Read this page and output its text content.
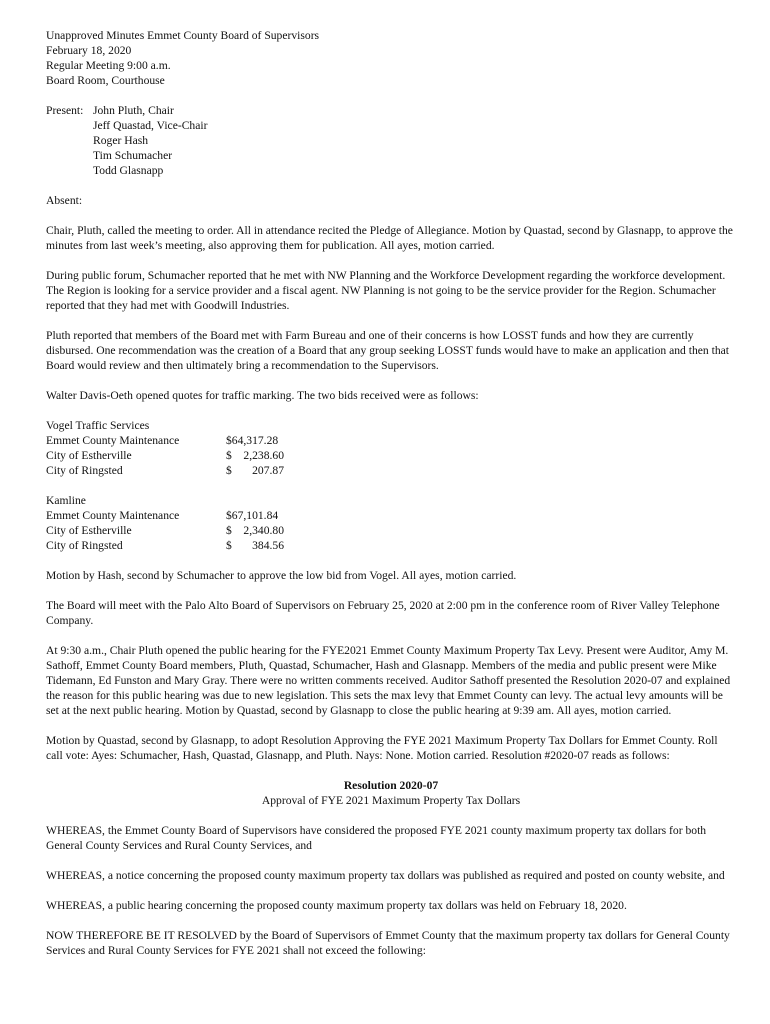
Unapproved Minutes Emmet County Board of Supervisors
February 18, 2020
Regular Meeting 9:00 a.m.
Board Room, Courthouse
Present: John Pluth, Chair
Jeff Quastad, Vice-Chair
Roger Hash
Tim Schumacher
Todd Glasnapp
Absent:

Chair, Pluth, called the meeting to order. All in attendance recited the Pledge of Allegiance. Motion by Quastad, second by Glasnapp, to approve the minutes from last week’s meeting, also approving them for publication. All ayes, motion carried.

During public forum, Schumacher reported that he met with NW Planning and the Workforce Development regarding the workforce development. The Region is looking for a service provider and a fiscal agent. NW Planning is not going to be the service provider for the Region. Schumacher reported that they had met with Goodwill Industries.

Pluth reported that members of the Board met with Farm Bureau and one of their concerns is how LOSST funds and how they are currently disbursed. One recommendation was the creation of a Board that any group seeking LOSST funds would have to make an application and then that Board would review and then ultimately bring a recommendation to the Supervisors.

Walter Davis-Oeth opened quotes for traffic marking. The two bids received were as follows:

Vogel Traffic Services
Emmet County Maintenance	$64,317.28
City of Estherville	$	2,238.60
City of Ringsted	$	207.87
Kamline
Emmet County Maintenance	$67,101.84
City of Estherville	$	2,340.80
City of Ringsted	$	384.56

Motion by Hash, second by Schumacher to approve the low bid from Vogel. All ayes, motion carried.

The Board will meet with the Palo Alto Board of Supervisors on February 25, 2020 at 2:00 pm in the conference room of River Valley Telephone Company.

At 9:30 a.m., Chair Pluth opened the public hearing for the FYE2021 Emmet County Maximum Property Tax Levy. Present were Auditor, Amy M. Sathoff, Emmet County Board members, Pluth, Quastad, Schumacher, Hash and Glasnapp. Members of the media and public present were Mike Tidemann, Ed Funston and Mary Gray. There were no written comments received. Auditor Sathoff presented the Resolution 2020-07 and explained the reason for this public hearing was due to new legislation. This sets the max levy that Emmet County can levy. The actual levy amounts will be set at the next public hearing. Motion by Quastad, second by Glasnapp to close the public hearing at 9:39 am. All ayes, motion carried.

Motion by Quastad, second by Glasnapp, to adopt Resolution Approving the FYE 2021 Maximum Property Tax Dollars for Emmet County. Roll call vote: Ayes: Schumacher, Hash, Quastad, Glasnapp, and Pluth. Nays: None. Motion carried. Resolution #2020-07 reads as follows:

Resolution 2020-07
Approval of FYE 2021 Maximum Property Tax Dollars

WHEREAS, the Emmet County Board of Supervisors have considered the proposed FYE 2021 county maximum property tax dollars for both General County Services and Rural County Services, and

WHEREAS, a notice concerning the proposed county maximum property tax dollars was published as required and posted on county website, and

WHEREAS, a public hearing concerning the proposed county maximum property tax dollars was held on February 18, 2020.

NOW THEREFORE BE IT RESOLVED by the Board of Supervisors of Emmet County that the maximum property tax dollars for General County Services and Rural County Services for FYE 2021 shall not exceed the following:
